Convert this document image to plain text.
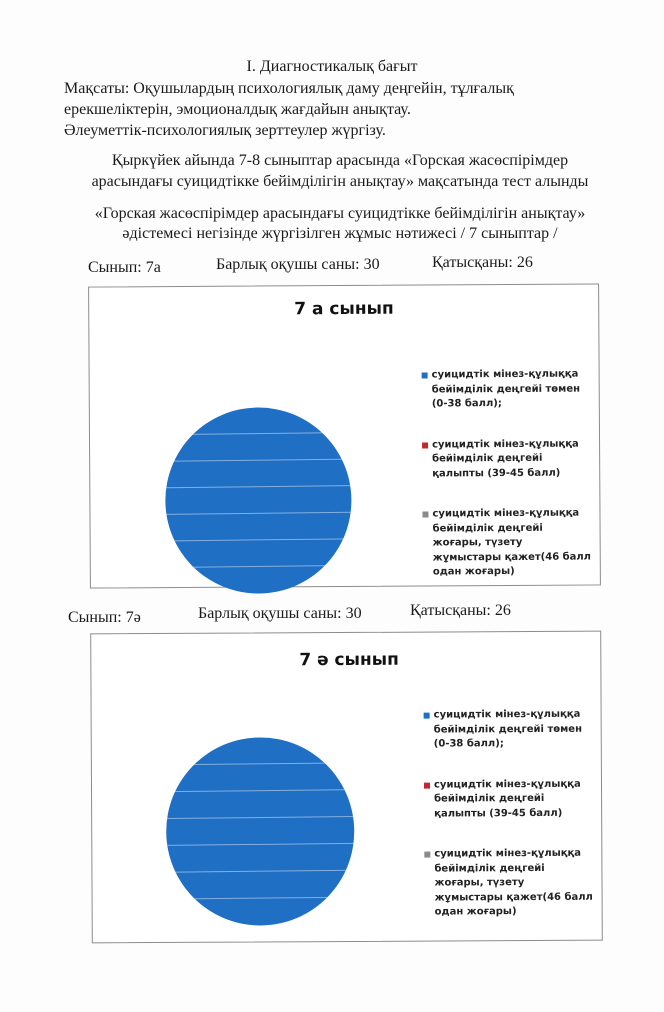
I. Диагностикалық бағыт
Мақсаты: Оқушылардың психологиялық даму деңгейін, тұлғалық
ерекшеліктерін, эмоционалдық жағдайын анықтау.
Әлеуметтік-психологиялық зерттеулер жүргізу.
Қыркүйек айында 7-8 сыныптар арасында «Горская жасөспірімдер
арасындағы суицидтікке бейімділігін анықтау» мақсатында тест алынды
«Горская жасөспірімдер арасындағы суицидтікке бейімділігін анықтау»
әдістемесі негізінде жүргізілген жұмыс нәтижесі / 7 сыныптар /
Сынып: 7а	Барлық оқушы саны: 30	Қатысқаны: 26
7 а сынып
суицидтік мінез-құлыққа бейімділік деңгейі төмен (0-38 балл);
суицидтік мінез-құлыққа бейімділік деңгейі қалыпты (39-45 балл)
суицидтік мінез-құлыққа бейімділік деңгейі жоғары, түзету жұмыстары қажет(46 балл одан жоғары)
Сынып: 7ә	Барлық оқушы саны: 30	Қатысқаны: 26
7 ә сынып
суицидтік мінез-құлыққа бейімділік деңгейі төмен (0-38 балл);
суицидтік мінез-құлыққа бейімділік деңгейі қалыпты (39-45 балл)
суицидтік мінез-құлыққа бейімділік деңгейі жоғары, түзету жұмыстары қажет(46 балл одан жоғары)
